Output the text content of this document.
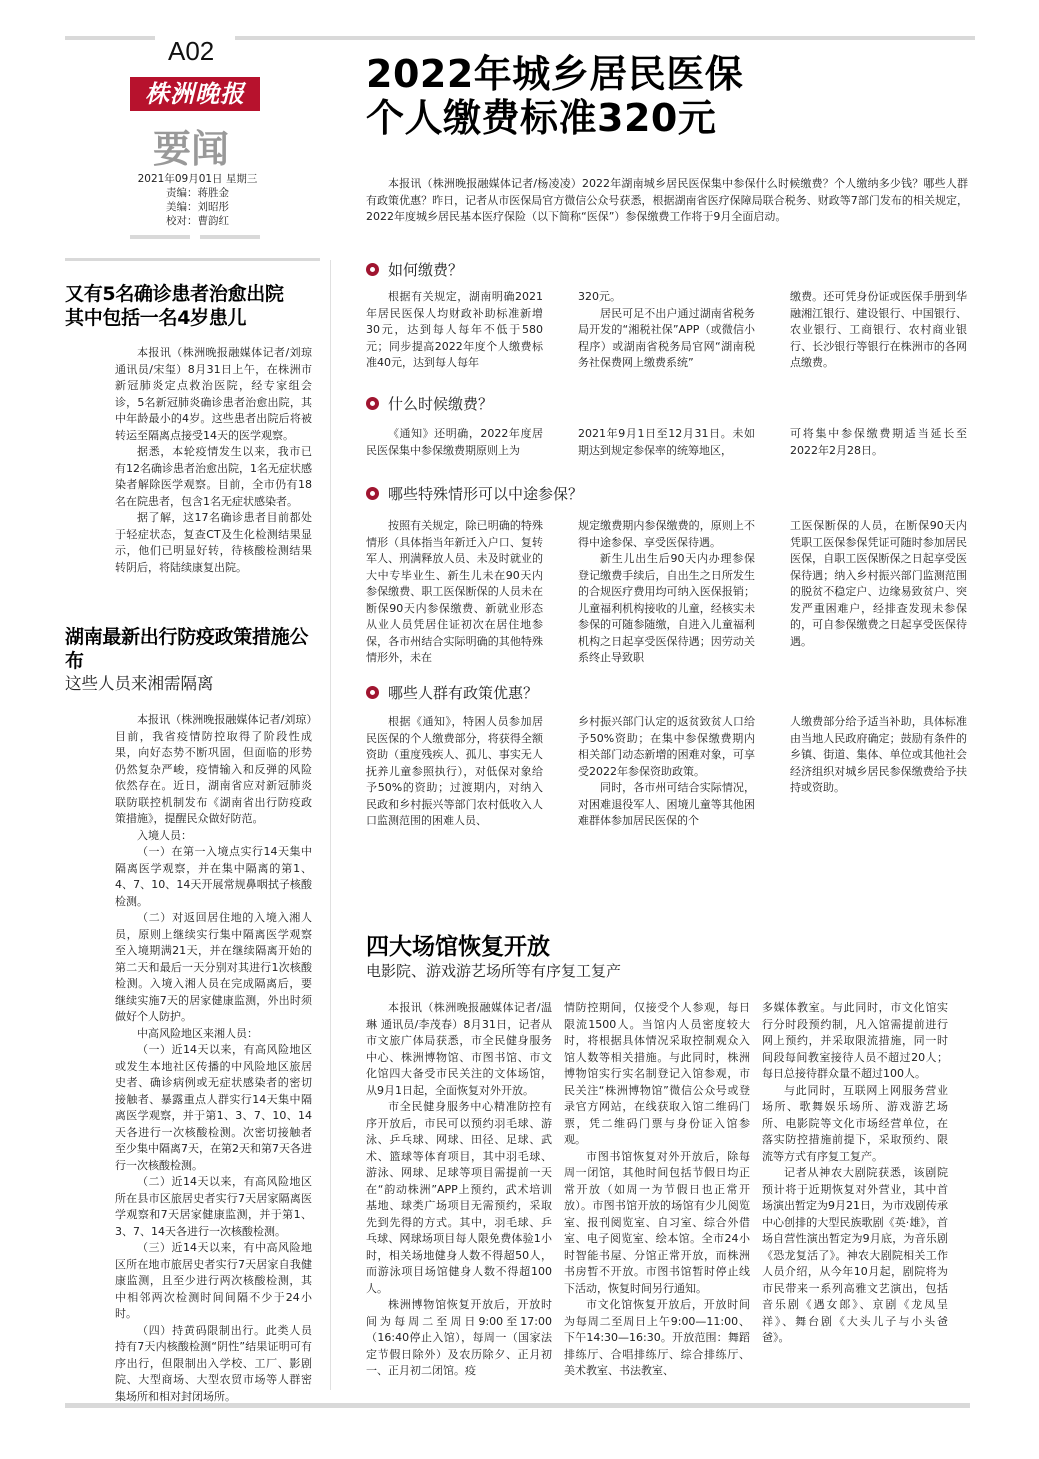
A02
株洲晚报
要闻
2021年09月01日 星期三
责编：蒋胜金
美编：刘昭彤
校对：曹韵红
2022年城乡居民医保
个人缴费标准320元

本报讯（株洲晚报融媒体记者/杨凌凌）2022年湖南城乡居民医保集中参保什么时候缴费？个人缴纳多少钱？哪些人群有政策优惠？昨日，记者从市医保局官方微信公众号获悉，根据湖南省医疗保障局联合税务、财政等7部门发布的相关规定，2022年度城乡居民基本医疗保险（以下简称“医保”）参保缴费工作将于9月全面启动。

如何缴费？

根据有关规定，湖南明确2021年居民医保人均财政补助标准新增30元，达到每人每年不低于580元；同步提高2022年度个人缴费标准40元，达到每人每年

320元。

居民可足不出户通过湖南省税务局开发的“湘税社保”APP（或微信小程序）或湖南省税务局官网“湖南税务社保费网上缴费系统”

缴费。还可凭身份证或医保手册到华融湘江银行、建设银行、中国银行、农业银行、工商银行、农村商业银行、长沙银行等银行在株洲市的各网点缴费。

什么时候缴费？

《通知》还明确，2022年度居民医保集中参保缴费期原则上为

2021年9月1日至12月31日。未如期达到规定参保率的统筹地区，

可将集中参保缴费期适当延长至2022年2月28日。

哪些特殊情形可以中途参保？

按照有关规定，除已明确的特殊情形（具体指当年新迁入户口、复转军人、刑满释放人员、未及时就业的大中专毕业生、新生儿未在90天内参保缴费、职工医保断保的人员未在断保90天内参保缴费、新就业形态从业人员凭居住证初次在居住地参保，各市州结合实际明确的其他特殊情形外，未在

规定缴费期内参保缴费的，原则上不得中途参保、享受医保待遇。

新生儿出生后90天内办理参保登记缴费手续后，自出生之日所发生的合规医疗费用均可纳入医保报销；儿童福利机构接收的儿童，经核实未参保的可随参随缴，自进入儿童福利机构之日起享受医保待遇；因劳动关系终止导致职

工医保断保的人员，在断保90天内凭职工医保参保凭证可随时参加居民医保，自职工医保断保之日起享受医保待遇；纳入乡村振兴部门监测范围的脱贫不稳定户、边缘易致贫户、突发严重困难户，经排查发现未参保的，可自参保缴费之日起享受医保待遇。

哪些人群有政策优惠？

根据《通知》，特困人员参加居民医保的个人缴费部分，将获得全额资助（重度残疾人、孤儿、事实无人抚养儿童参照执行），对低保对象给予50%的资助；过渡期内，对纳入民政和乡村振兴等部门农村低收入人口监测范围的困难人员、

乡村振兴部门认定的返贫致贫人口给予50%资助；在集中参保缴费期内相关部门动态新增的困难对象，可享受2022年参保资助政策。

同时，各市州可结合实际情况，对困难退役军人、困境儿童等其他困难群体参加居民医保的个

人缴费部分给予适当补助，具体标准由当地人民政府确定；鼓励有条件的乡镇、街道、集体、单位或其他社会经济组织对城乡居民参保缴费给予扶持或资助。

又有5名确诊患者治愈出院
其中包括一名4岁患儿

本报讯（株洲晚报融媒体记者/刘琼 通讯员/宋玺）8月31日上午，在株洲市新冠肺炎定点救治医院，经专家组会诊，5名新冠肺炎确诊患者治愈出院，其中年龄最小的4岁。这些患者出院后将被转运至隔离点接受14天的医学观察。

据悉，本轮疫情发生以来，我市已有12名确诊患者治愈出院，1名无症状感染者解除医学观察。目前，全市仍有18名在院患者，包含1名无症状感染者。

据了解，这17名确诊患者目前都处于轻症状态，复查CT及生化检测结果显示，他们已明显好转，待核酸检测结果转阴后，将陆续康复出院。

湖南最新出行防疫政策措施公布
这些人员来湘需隔离

本报讯（株洲晚报融媒体记者/刘琼）目前，我省疫情防控取得了阶段性成果，向好态势不断巩固，但面临的形势仍然复杂严峻，疫情输入和反弹的风险依然存在。近日，湖南省应对新冠肺炎联防联控机制发布《湖南省出行防疫政策措施》，提醒民众做好防范。

入境人员：

（一）在第一入境点实行14天集中隔离医学观察，并在集中隔离的第1、4、7、10、14天开展常规鼻咽拭子核酸检测。

（二）对返回居住地的入境入湘人员，原则上继续实行集中隔离医学观察至入境期满21天，并在继续隔离开始的第二天和最后一天分别对其进行1次核酸检测。入境入湘人员在完成隔离后，要继续实施7天的居家健康监测，外出时须做好个人防护。

中高风险地区来湘人员：

（一）近14天以来，有高风险地区或发生本地社区传播的中风险地区旅居史者、确诊病例或无症状感染者的密切接触者、暴露重点人群实行14天集中隔离医学观察，并于第1、3、7、10、14天各进行一次核酸检测。次密切接触者至少集中隔离7天，在第2天和第7天各进行一次核酸检测。

（二）近14天以来，有高风险地区所在县市区旅居史者实行7天居家隔离医学观察和7天居家健康监测，并于第1、3、7、14天各进行一次核酸检测。

（三）近14天以来，有中高风险地区所在地市旅居史者实行7天居家自我健康监测，且至少进行两次核酸检测，其中相邻两次检测时间间隔不少于24小时。

（四）持黄码限制出行。此类人员持有7天内核酸检测“阴性”结果证明可有序出行，但限制出入学校、工厂、影剧院、大型商场、大型农贸市场等人群密集场所和相对封闭场所。

四大场馆恢复开放
电影院、游戏游艺场所等有序复工复产

本报讯（株洲晚报融媒体记者/温琳 通讯员/李茂春）8月31日，记者从市文旅广体局获悉，市全民健身服务中心、株洲博物馆、市图书馆、市文化馆四大备受市民关注的文体场馆，从9月1日起，全面恢复对外开放。

市全民健身服务中心精准防控有序开放后，市民可以预约羽毛球、游泳、乒乓球、网球、田径、足球、武术、篮球等体育项目，其中羽毛球、游泳、网球、足球等项目需提前一天在“韵动株洲”APP上预约，武术培训基地、球类广场项目无需预约，采取先到先得的方式。其中，羽毛球、乒乓球、网球场项目每人限免费体验1小时，相关场地健身人数不得超50人，而游泳项目场馆健身人数不得超100人。

株洲博物馆恢复开放后，开放时间为每周二至周日9:00至17:00（16:40停止入馆），每周一（国家法定节假日除外）及农历除夕、正月初一、正月初二闭馆。疫

情防控期间，仅接受个人参观，每日限流1500人。当馆内人员密度较大时，将根据具体情况采取控制观众入馆人数等相关措施。与此同时，株洲博物馆实行实名制登记入馆参观，市民关注“株洲博物馆”微信公众号或登录官方网站，在线获取入馆二维码门票，凭二维码门票与身份证入馆参观。

市图书馆恢复对外开放后，除每周一闭馆，其他时间包括节假日均正常开放（如周一为节假日也正常开放）。市图书馆开放的场馆有少儿阅览室、报刊阅览室、自习室、综合外借室、电子阅览室、绘本馆。全市24小时智能书屋、分馆正常开放，而株洲书房暂不开放。市图书馆暂时停止线下活动，恢复时间另行通知。

市文化馆恢复开放后，开放时间为每周二至周日上午9:00—11:00、下午14:30—16:30。开放范围：舞蹈排练厅、合唱排练厅、综合排练厅、美术教室、书法教室、

多媒体教室。与此同时，市文化馆实行分时段预约制，凡入馆需提前进行网上预约，并采取限流措施，同一时间段每间教室接待人员不超过20人；每日总接待群众量不超过100人。

与此同时，互联网上网服务营业场所、歌舞娱乐场所、游戏游艺场所、电影院等文化市场经营单位，在落实防控措施前提下，采取预约、限流等方式有序复工复产。

记者从神农大剧院获悉，该剧院预计将于近期恢复对外营业，其中首场演出暂定为9月21日，为市戏剧传承中心创排的大型民族歌剧《英·雄》，首场自营性演出暂定为9月底，为音乐剧《恐龙复活了》。神农大剧院相关工作人员介绍，从今年10月起，剧院将为市民带来一系列高雅文艺演出，包括音乐剧《遇女郎》、京剧《龙凤呈祥》、舞台剧《大头儿子与小头爸爸》。
